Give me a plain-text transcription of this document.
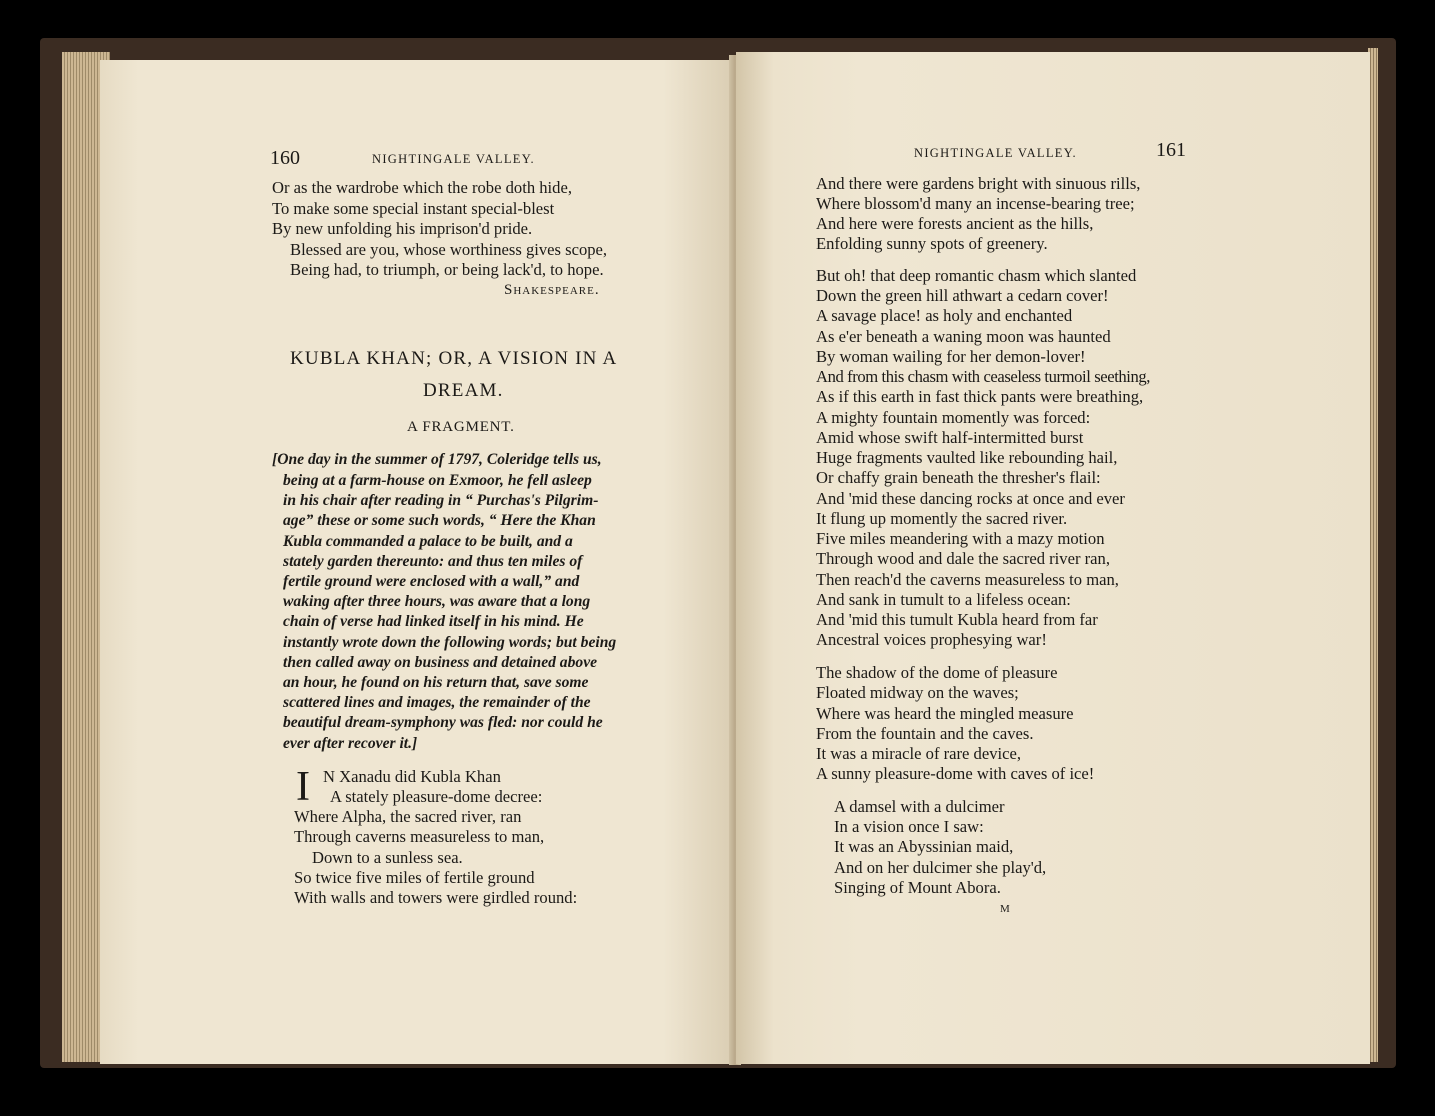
160	NIGHTINGALE VALLEY.
Or as the wardrobe which the robe doth hide,
To make some special instant special-blest
By new unfolding his imprison'd pride.
Blessed are you, whose worthiness gives scope,
Being had, to triumph, or being lack'd, to hope.
Shakespeare.
KUBLA KHAN; OR, A VISION IN A
DREAM.
A FRAGMENT.
[One day in the summer of 1797, Coleridge tells us,
being at a farm-house on Exmoor, he fell asleep
in his chair after reading in “ Purchas's Pilgrim-
age” these or some such words, “ Here the Khan
Kubla commanded a palace to be built, and a
stately garden thereunto: and thus ten miles of
fertile ground were enclosed with a wall,” and
waking after three hours, was aware that a long
chain of verse had linked itself in his mind. He
instantly wrote down the following words; but being
then called away on business and detained above
an hour, he found on his return that, save some
scattered lines and images, the remainder of the
beautiful dream-symphony was fled: nor could he
ever after recover it.]
I N Xanadu did Kubla Khan
A stately pleasure-dome decree:
Where Alpha, the sacred river, ran
Through caverns measureless to man,
Down to a sunless sea.
So twice five miles of fertile ground
With walls and towers were girdled round:
NIGHTINGALE VALLEY.	161
And there were gardens bright with sinuous rills,
Where blossom'd many an incense-bearing tree;
And here were forests ancient as the hills,
Enfolding sunny spots of greenery.
But oh! that deep romantic chasm which slanted
Down the green hill athwart a cedarn cover!
A savage place! as holy and enchanted
As e'er beneath a waning moon was haunted
By woman wailing for her demon-lover!
And from this chasm with ceaseless turmoil seething,
As if this earth in fast thick pants were breathing,
A mighty fountain momently was forced:
Amid whose swift half-intermitted burst
Huge fragments vaulted like rebounding hail,
Or chaffy grain beneath the thresher's flail:
And 'mid these dancing rocks at once and ever
It flung up momently the sacred river.
Five miles meandering with a mazy motion
Through wood and dale the sacred river ran,
Then reach'd the caverns measureless to man,
And sank in tumult to a lifeless ocean:
And 'mid this tumult Kubla heard from far
Ancestral voices prophesying war!
The shadow of the dome of pleasure
Floated midway on the waves;
Where was heard the mingled measure
From the fountain and the caves.
It was a miracle of rare device,
A sunny pleasure-dome with caves of ice!
A damsel with a dulcimer
In a vision once I saw:
It was an Abyssinian maid,
And on her dulcimer she play'd,
Singing of Mount Abora.
M
